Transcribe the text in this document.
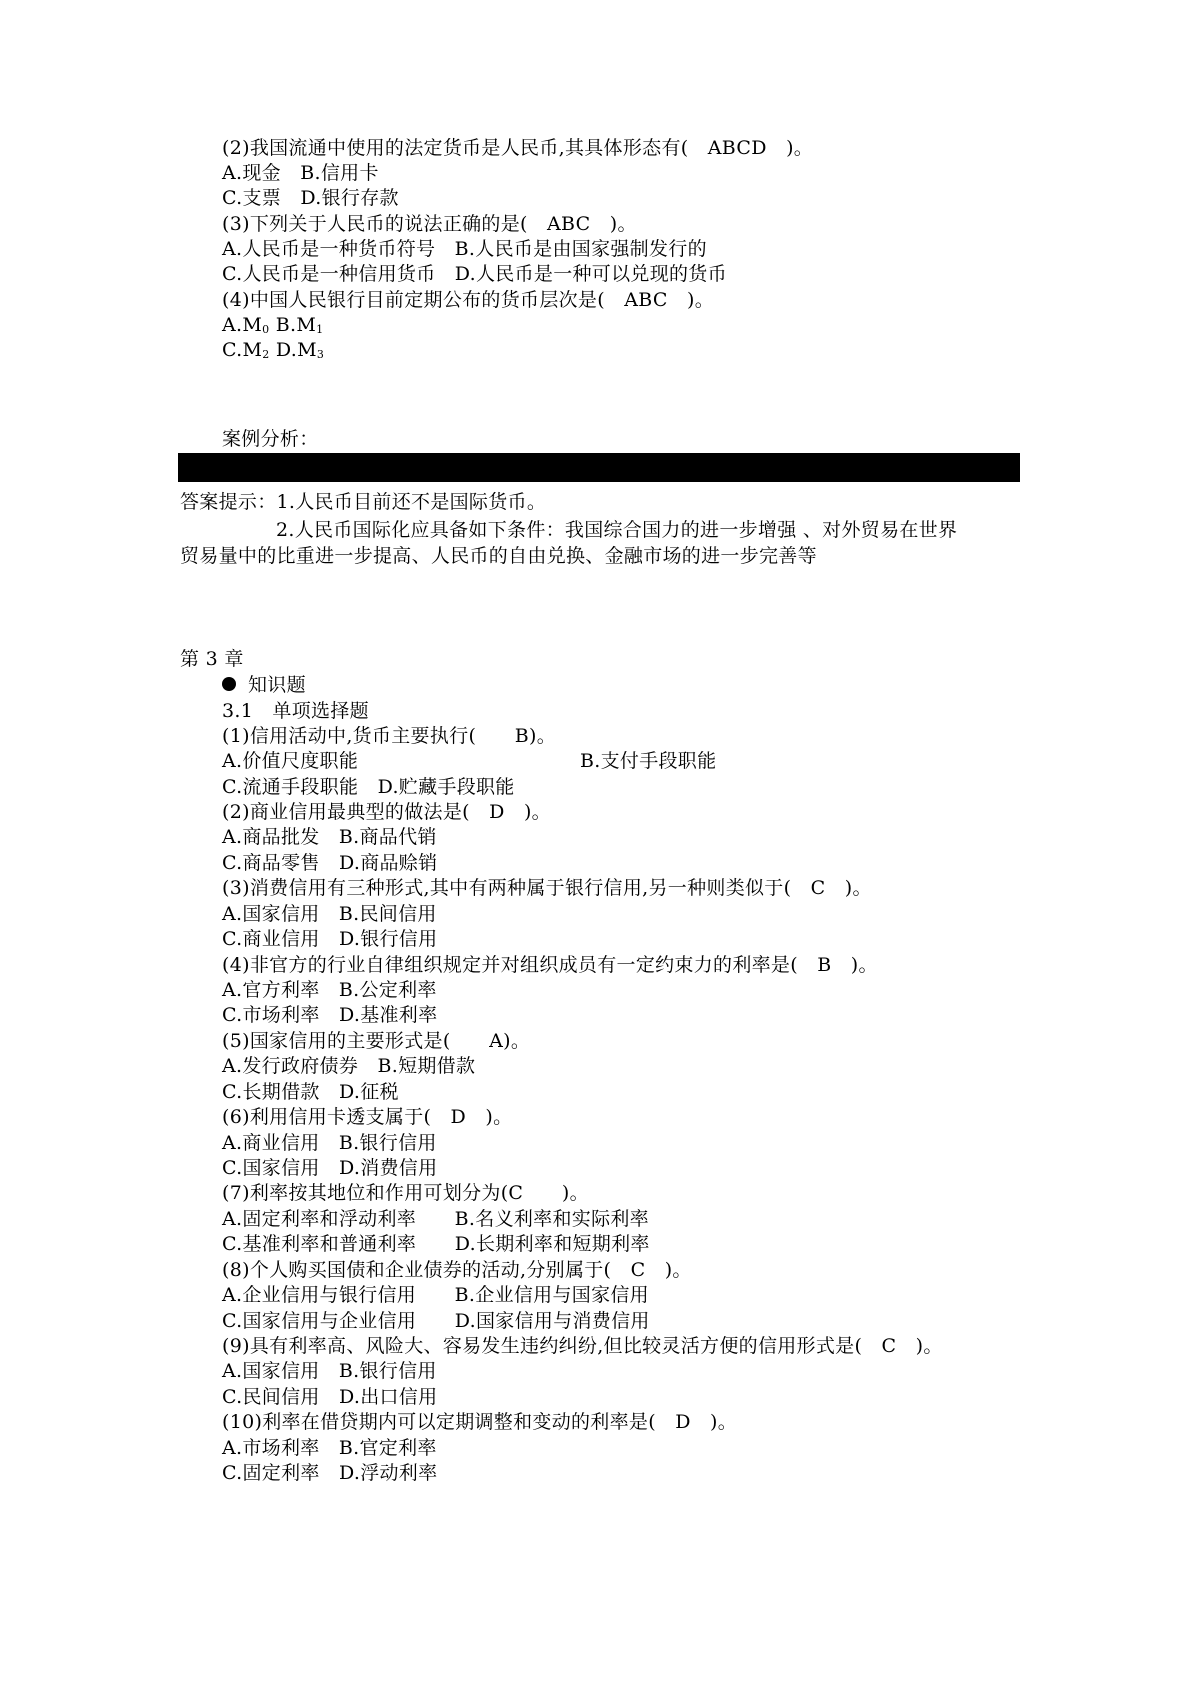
(2)我国流通中使用的法定货币是人民币,其具体形态有(　ABCD　)。
A.现金　B.信用卡
C.支票　D.银行存款
(3)下列关于人民币的说法正确的是(　ABC　)。
A.人民币是一种货币符号　B.人民币是由国家强制发行的
C.人民币是一种信用货币　D.人民币是一种可以兑现的货币
(4)中国人民银行目前定期公布的货币层次是(　ABC　)。
$A.M_0$ $B.M_1$
$C.M_2$ $D.M_3$
案例分析：
答案提示：1.人民币目前还不是国际货币。
2.人民币国际化应具备如下条件：我国综合国力的进一步增强 、对外贸易在世界
贸易量中的比重进一步提高、人民币的自由兑换、金融市场的进一步完善等
第 3 章
知识题
3.1　单项选择题
(1)信用活动中,货币主要执行(　　B)。
A.价值尺度职能	B.支付手段职能
C.流通手段职能　D.贮藏手段职能
(2)商业信用最典型的做法是(　D　)。
A.商品批发　B.商品代销
C.商品零售　D.商品赊销
(3)消费信用有三种形式,其中有两种属于银行信用,另一种则类似于(　C　)。
A.国家信用　B.民间信用
C.商业信用　D.银行信用
(4)非官方的行业自律组织规定并对组织成员有一定约束力的利率是(　B　)。
A.官方利率　B.公定利率
C.市场利率　D.基准利率
(5)国家信用的主要形式是(　　A)。
A.发行政府债券　B.短期借款
C.长期借款　D.征税
(6)利用信用卡透支属于(　D　)。
A.商业信用　B.银行信用
C.国家信用　D.消费信用
(7)利率按其地位和作用可划分为(C　　)。
A.固定利率和浮动利率　　B.名义利率和实际利率
C.基准利率和普通利率　　D.长期利率和短期利率
(8)个人购买国债和企业债券的活动,分别属于(　C　)。
A.企业信用与银行信用　　B.企业信用与国家信用
C.国家信用与企业信用　　D.国家信用与消费信用
(9)具有利率高、风险大、容易发生违约纠纷,但比较灵活方便的信用形式是(　C　)。
A.国家信用　B.银行信用
C.民间信用　D.出口信用
(10)利率在借贷期内可以定期调整和变动的利率是(　D　)。
A.市场利率　B.官定利率
C.固定利率　D.浮动利率
